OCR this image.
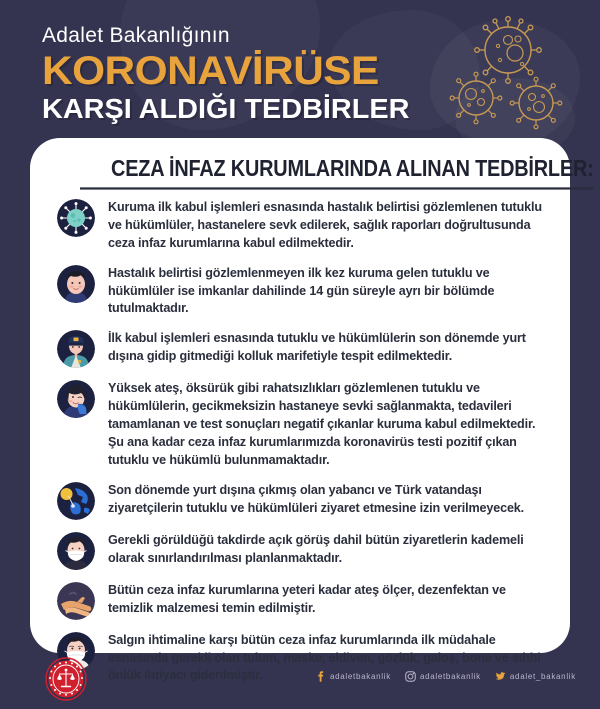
Adalet Bakanlığının
KORONAVİRÜSE
KARŞI ALDIĞI TEDBİRLER
CEZA İNFAZ KURUMLARINDA ALINAN TEDBİRLER:
Kuruma ilk kabul işlemleri esnasında hastalık belirtisi gözlemlenen tutuklu ve hükümlüler, hastanelere sevk edilerek, sağlık raporları doğrultusunda ceza infaz kurumlarına kabul edilmektedir.
Hastalık belirtisi gözlemlenmeyen ilk kez kuruma gelen tutuklu ve hükümlüler ise imkanlar dahilinde 14 gün süreyle ayrı bir bölümde tutulmaktadır.
İlk kabul işlemleri esnasında tutuklu ve hükümlülerin son dönemde yurt dışına gidip gitmediği kolluk marifetiyle tespit edilmektedir.
Yüksek ateş, öksürük gibi rahatsızlıkları gözlemlenen tutuklu ve hükümlülerin, gecikmeksizin hastaneye sevki sağlanmakta, tedavileri tamamlanan ve test sonuçları negatif çıkanlar kuruma kabul edilmektedir. Şu ana kadar ceza infaz kurumlarımızda koronavirüs testi pozitif çıkan tutuklu ve hükümlü bulunmamaktadır.
Son dönemde yurt dışına çıkmış olan yabancı ve Türk vatandaşı ziyaretçilerin tutuklu ve hükümlüleri ziyaret etmesine izin verilmeyecek.
Gerekli görüldüğü takdirde açık görüş dahil bütün ziyaretlerin kademeli olarak sınırlandırılması planlanmaktadır.
Bütün ceza infaz kurumlarına yeteri kadar ateş ölçer, dezenfektan ve temizlik malzemesi temin edilmiştir.
Salgın ihtimaline karşı bütün ceza infaz kurumlarında ilk müdahale esnasında gerekli olan tulum, maske, eldiven, gözlük, galoş, bone ve sıhhi önlük ihtiyacı giderilmiştir.	adaletbakanlik	adaletbakanlik	adalet_bakanlik
